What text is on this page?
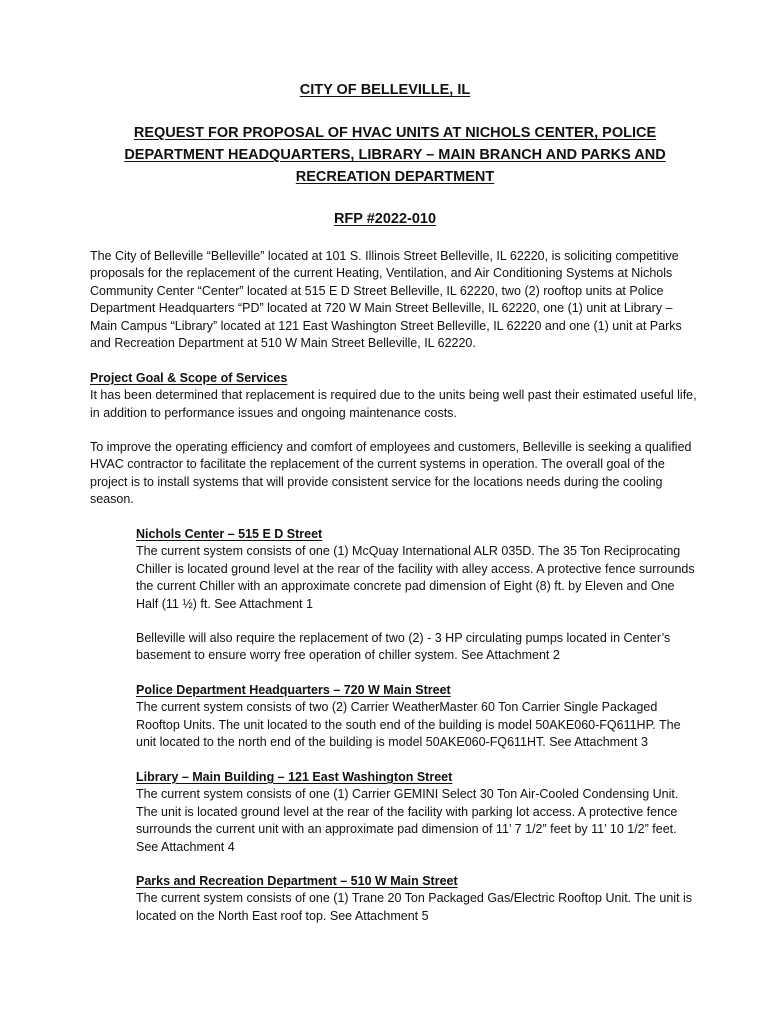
CITY OF BELLEVILLE, IL
REQUEST FOR PROPOSAL OF HVAC UNITS AT NICHOLS CENTER, POLICE DEPARTMENT HEADQUARTERS, LIBRARY – MAIN BRANCH AND PARKS AND RECREATION DEPARTMENT
RFP #2022-010

The City of Belleville “Belleville” located at 101 S. Illinois Street Belleville, IL 62220, is soliciting competitive proposals for the replacement of the current Heating, Ventilation, and Air Conditioning Systems at Nichols Community Center “Center” located at 515 E D Street Belleville, IL 62220, two (2) rooftop units at Police Department Headquarters “PD” located at 720 W Main Street Belleville, IL 62220, one (1) unit at Library – Main Campus “Library” located at 121 East Washington Street Belleville, IL 62220 and one (1) unit at Parks and Recreation Department at 510 W Main Street Belleville, IL 62220.

Project Goal & Scope of Services
It has been determined that replacement is required due to the units being well past their estimated useful life, in addition to performance issues and ongoing maintenance costs.

To improve the operating efficiency and comfort of employees and customers, Belleville is seeking a qualified HVAC contractor to facilitate the replacement of the current systems in operation. The overall goal of the project is to install systems that will provide consistent service for the locations needs during the cooling season.

Nichols Center – 515 E D Street
The current system consists of one (1) McQuay International ALR 035D. The 35 Ton Reciprocating Chiller is located ground level at the rear of the facility with alley access. A protective fence surrounds the current Chiller with an approximate concrete pad dimension of Eight (8) ft. by Eleven and One Half (11 ½) ft. See Attachment 1
Belleville will also require the replacement of two (2) - 3 HP circulating pumps located in Center’s basement to ensure worry free operation of chiller system. See Attachment 2
Police Department Headquarters – 720 W Main Street
The current system consists of two (2) Carrier WeatherMaster 60 Ton Carrier Single Packaged Rooftop Units. The unit located to the south end of the building is model 50AKE060-FQ611HP. The unit located to the north end of the building is model 50AKE060-FQ611HT. See Attachment 3
Library – Main Building – 121 East Washington Street
The current system consists of one (1) Carrier GEMINI Select 30 Ton Air-Cooled Condensing Unit. The unit is located ground level at the rear of the facility with parking lot access. A protective fence surrounds the current unit with an approximate pad dimension of 11’ 7 1/2” feet by 11’ 10 1/2” feet. See Attachment 4
Parks and Recreation Department – 510 W Main Street
The current system consists of one (1) Trane 20 Ton Packaged Gas/Electric Rooftop Unit. The unit is located on the North East roof top. See Attachment 5
